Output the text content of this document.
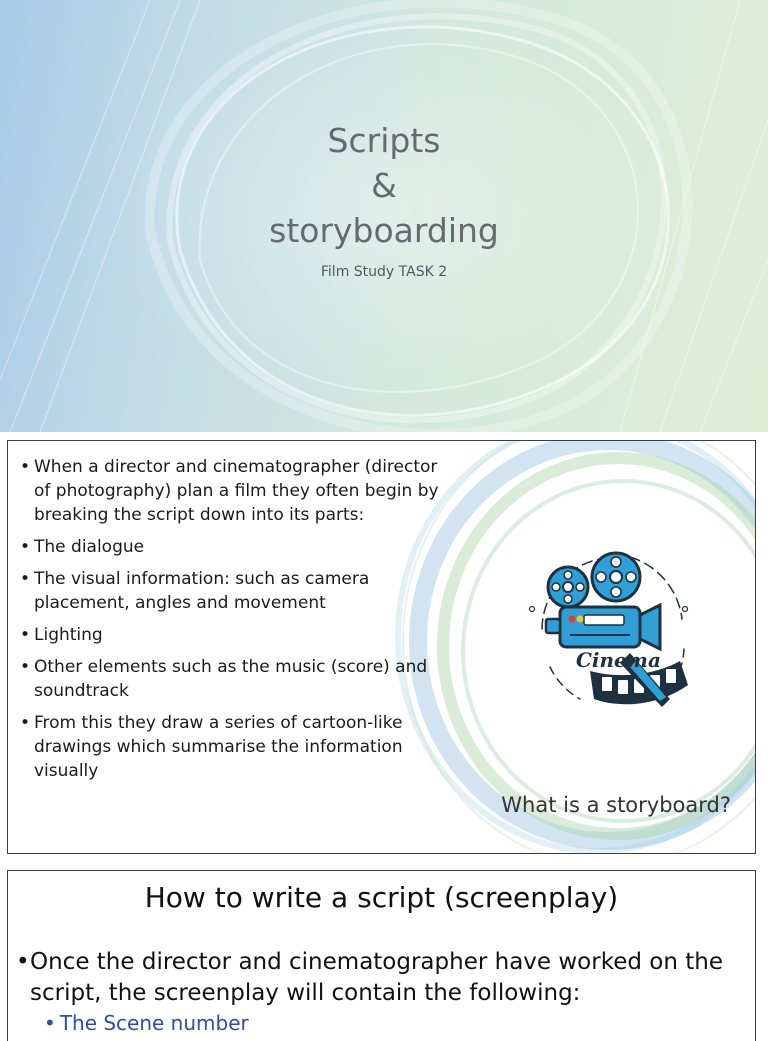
Scripts
&
storyboarding
Film Study TASK 2
• When a director and cinematographer (director of photography) plan a film they often begin by breaking the script down into its parts:
• The dialogue
• The visual information: such as camera placement, angles and movement
• Lighting
• Other elements such as the music (score) and soundtrack
• From this they draw a series of cartoon-like drawings which summarise the information visually
Cinema
What is a storyboard?
How to write a script (screenplay)
• Once the director and cinematographer have worked on the script, the screenplay will contain the following:
• The Scene number
